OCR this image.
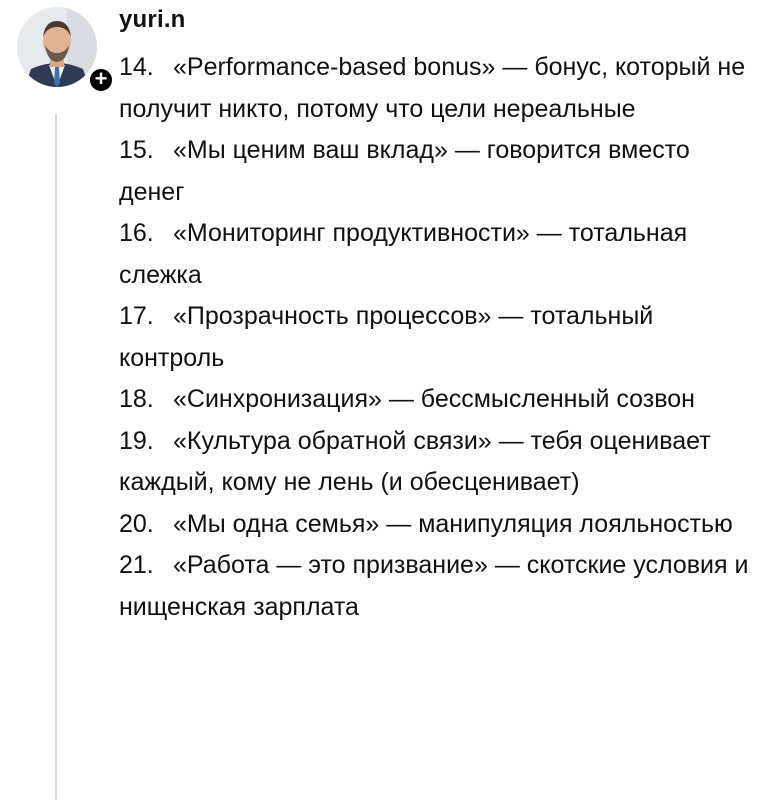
+
yuri.n

14. «Performance-based bonus» — бонус, который не получит никто, потому что цели нереальные

15. «Мы ценим ваш вклад» — говорится вместо денег

16. «Мониторинг продуктивности» — тотальная слежка

17. «Прозрачность процессов» — тотальный контроль

18. «Синхронизация» — бессмысленный созвон

19. «Культура обратной связи» — тебя оценивает каждый, кому не лень (и обесценивает)

20. «Мы одна семья» — манипуляция лояльностью

21. «Работа — это призвание» — скотские условия и нищенская зарплата
